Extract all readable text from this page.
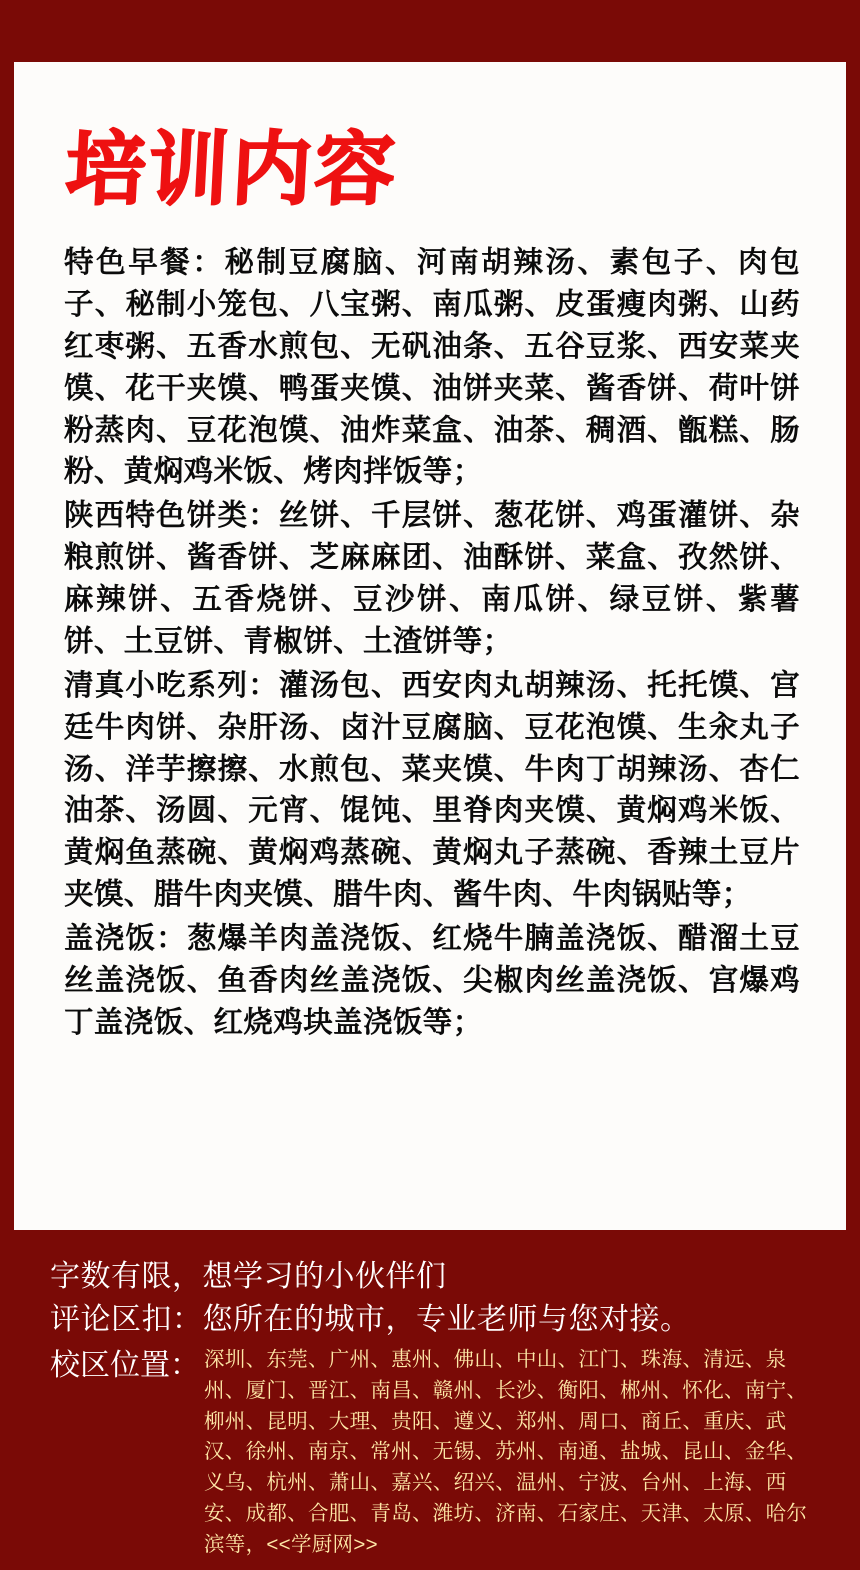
培训内容

特色早餐：秘制豆腐脑、河南胡辣汤、素包子、肉包子、秘制小笼包、八宝粥、南瓜粥、皮蛋瘦肉粥、山药红枣粥、五香水煎包、无矾油条、五谷豆浆、西安菜夹馍、花干夹馍、鸭蛋夹馍、油饼夹菜、酱香饼、荷叶饼粉蒸肉、豆花泡馍、油炸菜盒、油茶、稠酒、甑糕、肠粉、黄焖鸡米饭、烤肉拌饭等；

陕西特色饼类：丝饼、千层饼、葱花饼、鸡蛋灌饼、杂粮煎饼、酱香饼、芝麻麻团、油酥饼、菜盒、孜然饼、麻辣饼、五香烧饼、豆沙饼、南瓜饼、绿豆饼、紫薯饼、土豆饼、青椒饼、土渣饼等；

清真小吃系列：灌汤包、西安肉丸胡辣汤、托托馍、宫廷牛肉饼、杂肝汤、卤汁豆腐脑、豆花泡馍、生汆丸子汤、洋芋擦擦、水煎包、菜夹馍、牛肉丁胡辣汤、杏仁油茶、汤圆、元宵、馄饨、里脊肉夹馍、黄焖鸡米饭、黄焖鱼蒸碗、黄焖鸡蒸碗、黄焖丸子蒸碗、香辣土豆片夹馍、腊牛肉夹馍、腊牛肉、酱牛肉、牛肉锅贴等；

盖浇饭：葱爆羊肉盖浇饭、红烧牛腩盖浇饭、醋溜土豆丝盖浇饭、鱼香肉丝盖浇饭、尖椒肉丝盖浇饭、宫爆鸡丁盖浇饭、红烧鸡块盖浇饭等；

字数有限，想学习的小伙伴们
评论区扣：您所在的城市，专业老师与您对接。
校区位置： 深圳、东莞、广州、惠州、佛山、中山、江门、珠海、清远、泉州、厦门、晋江、南昌、赣州、长沙、衡阳、郴州、怀化、南宁、柳州、昆明、大理、贵阳、遵义、郑州、周口、商丘、重庆、武汉、徐州、南京、常州、无锡、苏州、南通、盐城、昆山、金华、义乌、杭州、萧山、嘉兴、绍兴、温州、宁波、台州、上海、西安、成都、合肥、青岛、潍坊、济南、石家庄、天津、太原、哈尔滨等，<<学厨网>>
